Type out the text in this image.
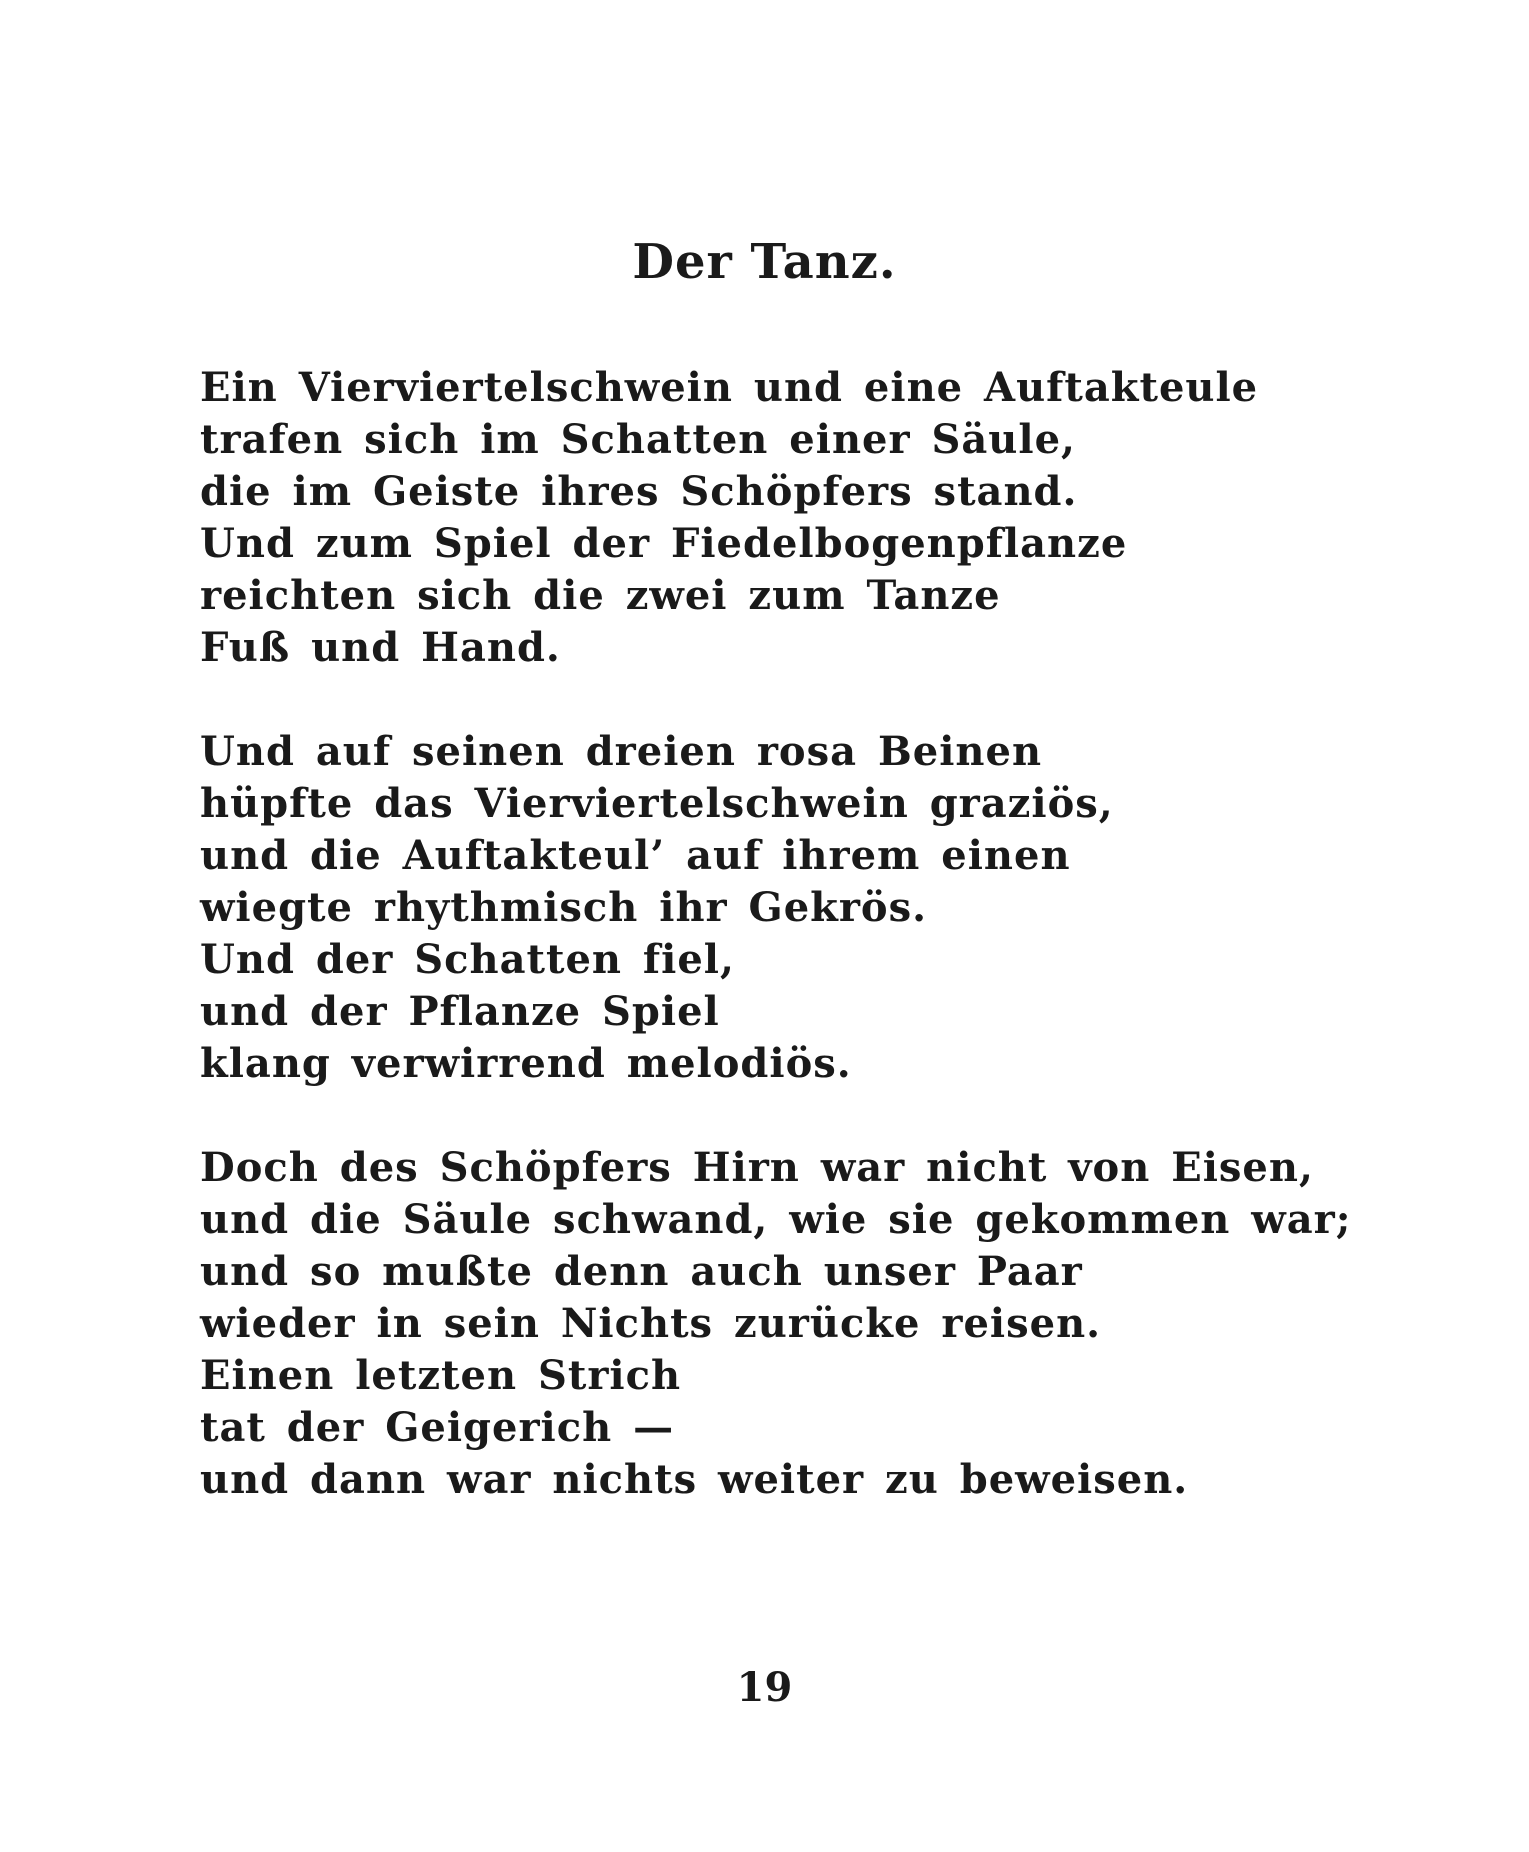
Der Tanz.
Ein Vierviertelschwein und eine Auftakteule
trafen sich im Schatten einer Säule,
die im Geiste ihres Schöpfers stand.
Und zum Spiel der Fiedelbogenpflanze
reichten sich die zwei zum Tanze
Fuß und Hand.
Und auf seinen dreien rosa Beinen
hüpfte das Vierviertelschwein graziös,
und die Auftakteul’ auf ihrem einen
wiegte rhythmisch ihr Gekrös.
Und der Schatten fiel,
und der Pflanze Spiel
klang verwirrend melodiös.
Doch des Schöpfers Hirn war nicht von Eisen,
und die Säule schwand, wie sie gekommen war;
und so mußte denn auch unser Paar
wieder in sein Nichts zurücke reisen.
Einen letzten Strich
tat der Geigerich —
und dann war nichts weiter zu beweisen.
19
